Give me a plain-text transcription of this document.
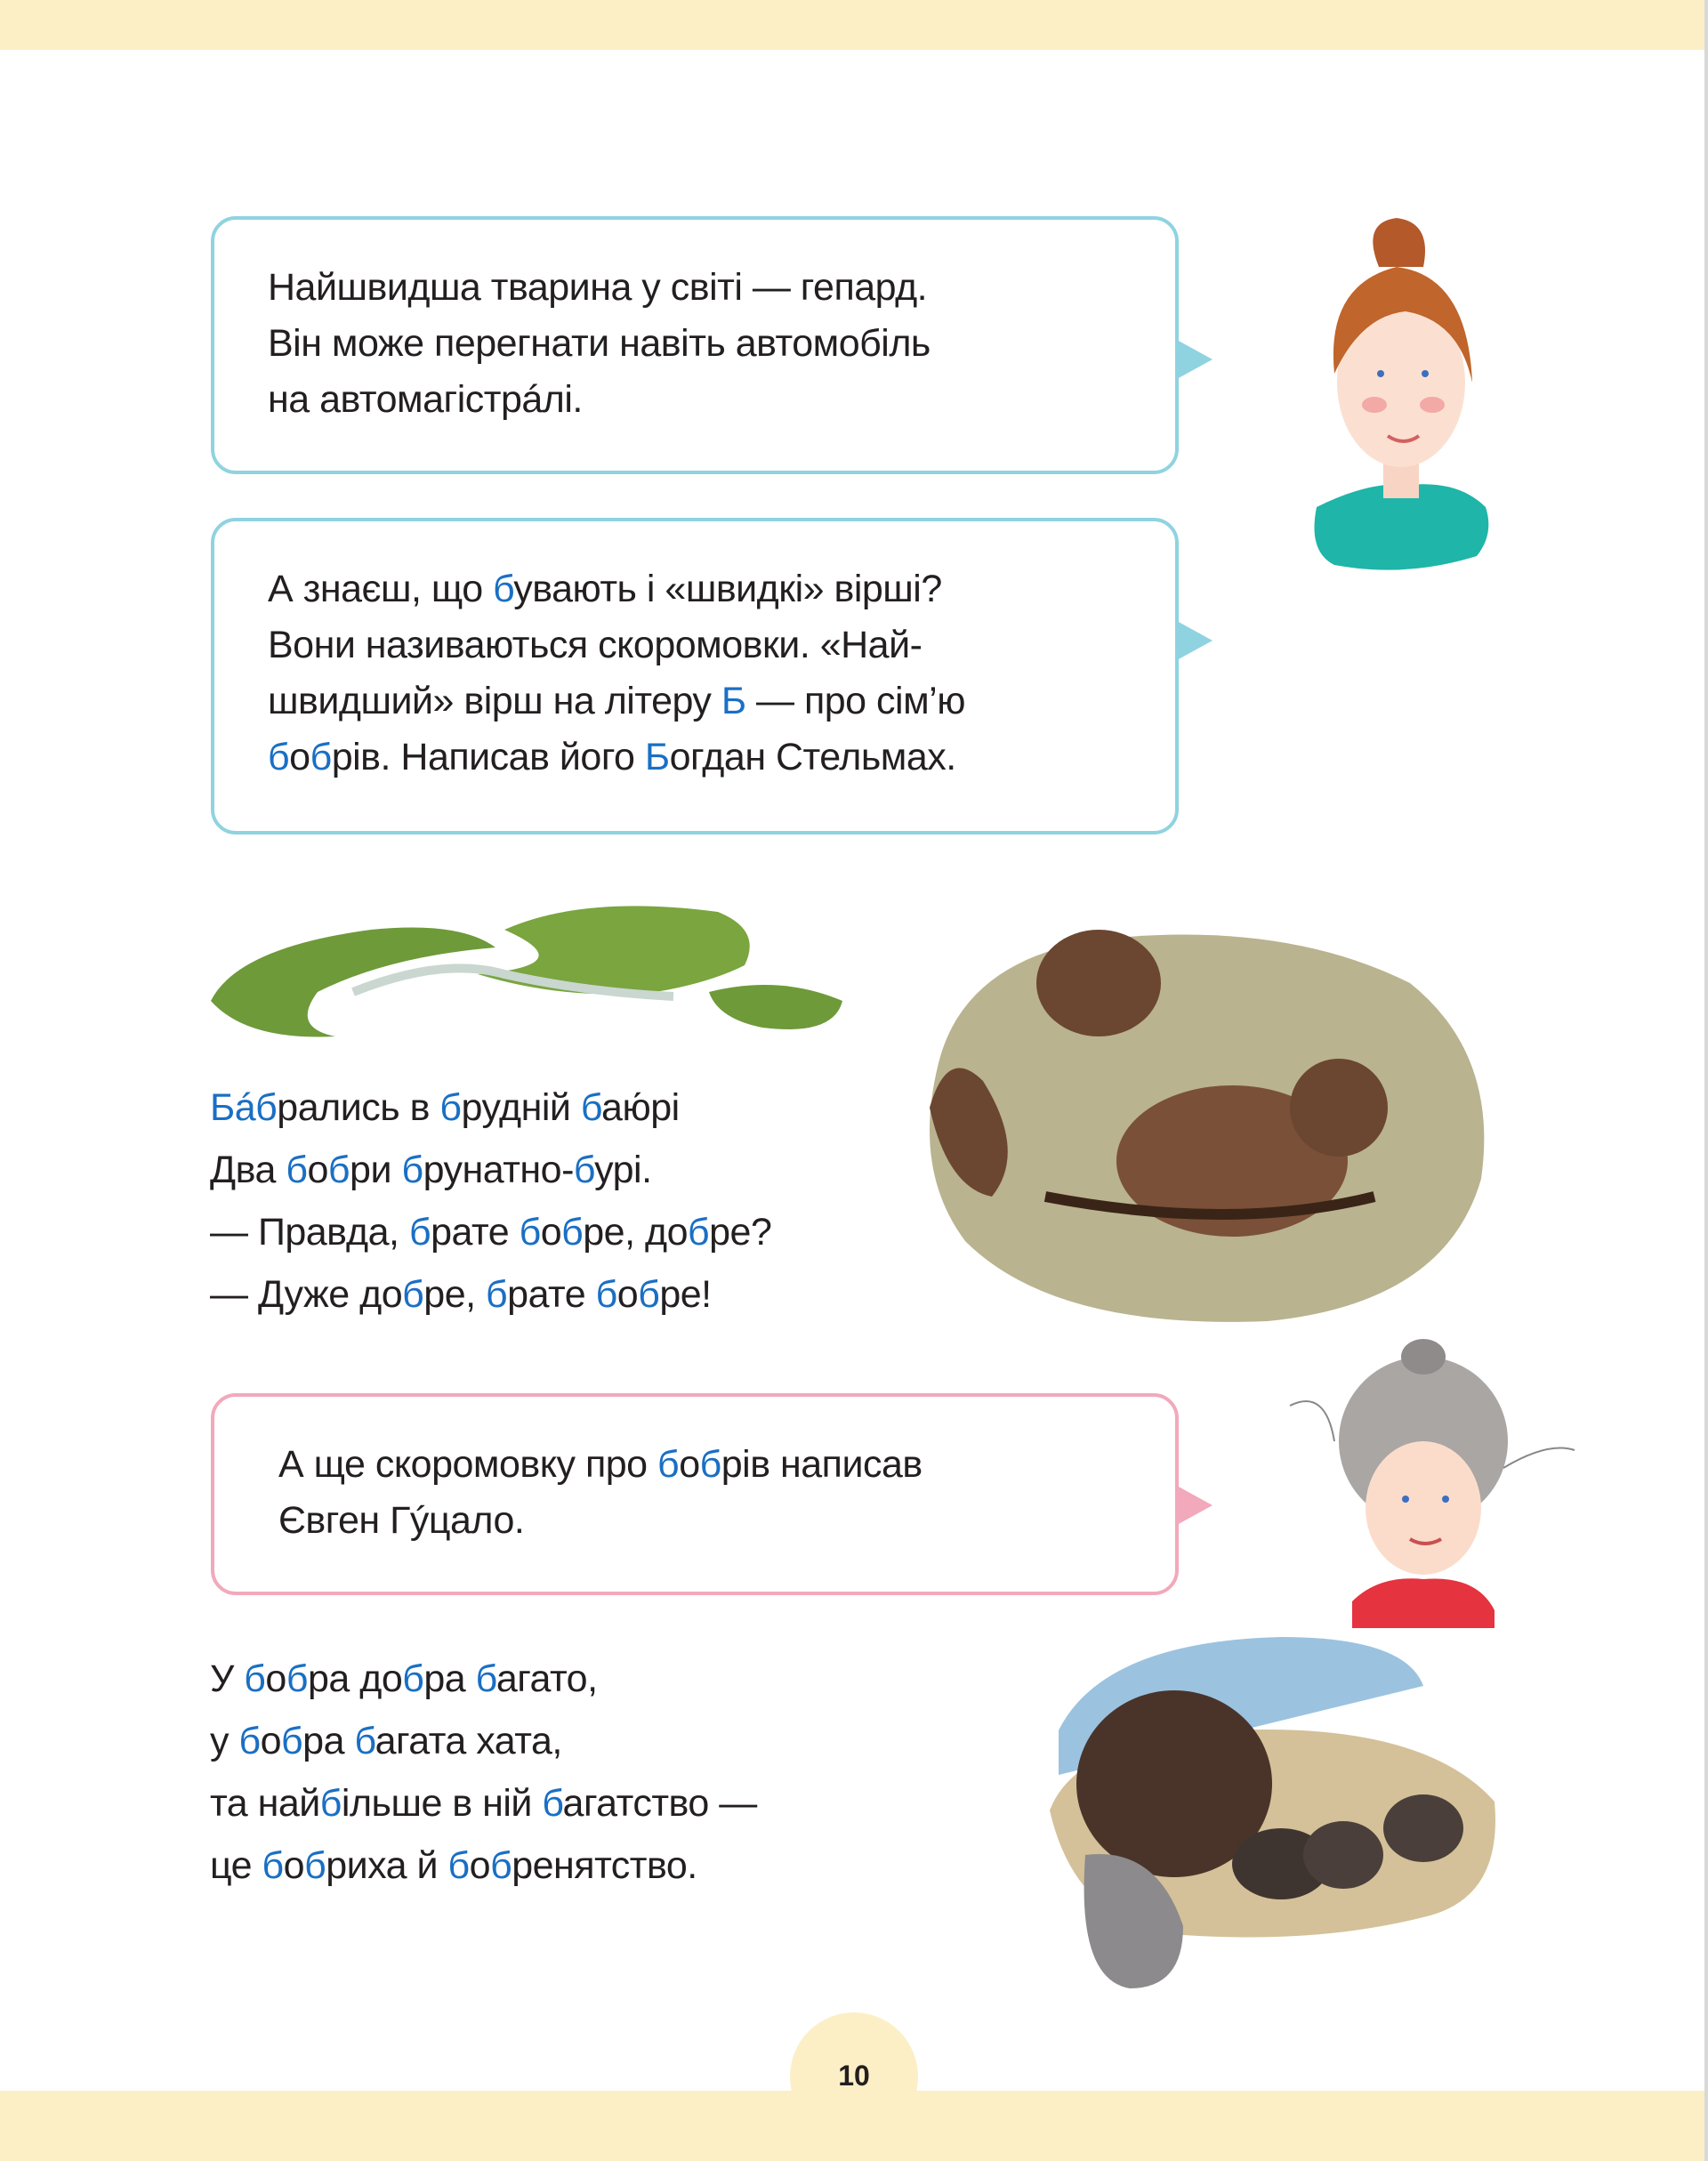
Найшвидша тварина у світі — гепард.
Він може перегнати навіть автомобіль
на автомагістрáлі.
А знаєш, що бувають і «швидкі» вірші?
Вони називаються скоромовки. «Най-
швидший» вірш на літеру Б — про сім’ю
бобрів. Написав його Богдан Стельмах.
Бáбрались в брудній баю́рі
Два бобри брунатно-бурі.
— Правда, брате бобре, добре?
— Дуже добре, брате бобре!
А ще скоромовку про бобрів написав
Євген Гýцало.
У бобра добра багато,
у бобра багата хата,
та найбільше в ній багатство —
це бобриха й бобренятство.
10
